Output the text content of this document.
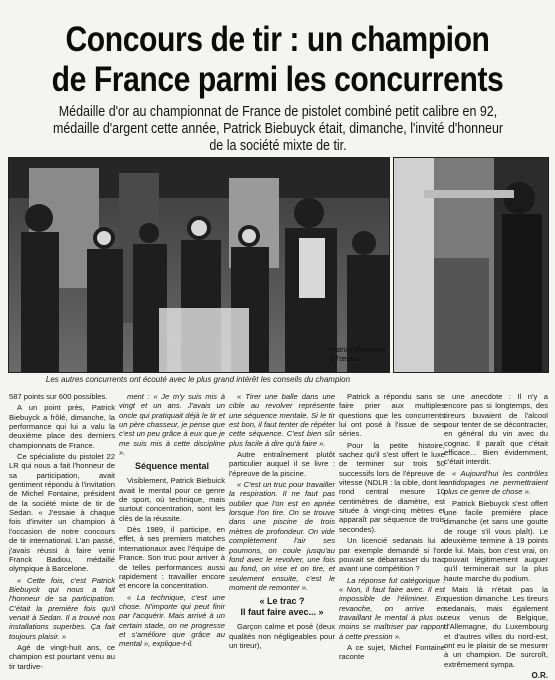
Concours de tir : un champion
de France parmi les concurrents
Médaille d'or au championnat de France de pistolet combiné petit calibre en 92, médaille d'argent cette année, Patrick Biebuyck était, dimanche, l'invité d'honneur de la société mixte de tir.
Patrick Biebuyck à l'œuvre.
Les autres concurrents ont écouté avec le plus grand intérêt les conseils du champion

587 points sur 600 possibles.

A un point près, Patrick Biebuyck a frôlé, dimanche, la performance qui lui a valu la deuxième place des derniers championnats de France.

Ce spécialiste du pistolet 22 LR qui nous a fait l'honneur de sa participation, avait gentiment répondu à l'invitation de Michel Fontaine, président de la société mixte de tir de Sedan. « J'essaie à chaque fois d'inviter un champion à l'occasion de notre concours de tir international. L'an passé, j'avais réussi à faire venir Franck Badiou, médaillé olympique à Barcelone.

« Cette fois, c'est Patrick Biebuyck qui nous a fait l'honneur de sa participation. C'était la première fois qu'il venait à Sedan. Il a trouvé nos installations superbes. Ça fait toujours plaisir. »

Agé de vingt-huit ans, ce champion est pourtant venu au tir tardive-

ment : « Je m'y suis mis à vingt et un ans. J'avais un oncle qui pratiquait déjà le tir et un père chasseur, je pense que c'est un peu grâce à eux que je me suis mis à cette discipline ».

Séquence mental

Visiblement, Patrick Biebuick avait le mental pour ce genre de sport, où technique, mais surtout concentration, sont les clés de la réussite.

Dès 1989, il participe, en effet, à ses premiers matches internationaux avec l'équipe de France. Son truc pour arriver à de telles performances aussi rapidement : travailler encore et encore la concentration.

« La technique, c'est une chose. N'importe qui peut finir par l'acquérir. Mais arrivé à un certain stade, on ne progresse et s'améliore que grâce au mental », explique-t-il.

« Tirer une balle dans une cible au revolver représente une séquence mentale. Si le tir est bon, il faut tenter de répéter cette séquence. C'est bien sûr plus facile à dire qu'à faire ».

Autre entraînement plutôt particulier auquel il se livre : l'épreuve de la piscine.

« C'est un truc pour travailler la respiration. Il ne faut pas oublier que l'on est en apnée lorsque l'on tire. On se trouve dans une piscine de trois mètres de profondeur. On vide complètement l'air ses poumons, on coule jusqu'au fond avec le revolver, une fois au fond, on vise et on tire, et seulement ensuite, c'est le moment de remonter ».

« Le trac ?
Il faut faire avec... »

Garçon calme et posé (deux qualités non négligeables pour un tireur),

Patrick a répondu sans se faire prier aux multiples questions que les concurrents lui ont posé à l'issue de ses séries.

Pour la petite histoire, sachez qu'il s'est offert le luxe de terminer sur trois 50 successifs lors de l'épreuve de vitesse (NDLR : la cible, dont le rond central mesure 10 centimètres de diamètre, est située à vingt-cinq mètres et apparaît par séquence de trois secondes).

Un licencié sedanais lui a par exemple demandé si l'on pouvait se débarrasser du trac avant une compétition ?

La réponse fut catégorique : « Non, il faut faire avec. Il est impossible de l'éliminer. En revanche, on arrive en travaillant le mental à plus ou moins se maîtriser par rapport à cette pression ».

A ce sujet, Michel Fontaine raconte

une anecdote : Il n'y a encore pas si longtemps, des tireurs buvaient de l'alcool pour tenter de se décontracter, en général du vin avec du cognac. Il paraît que c'était efficace... Bien évidemment, c'était interdit.

« Aujourd'hui les contrôles antidopages ne permettraient plus ce genre de chose ».

Patrick Biebuyck s'est offert une facile première place dimanche (et sans une goutte de rouge s'il vous plaît). Le deuxième termine à 19 points de lui. Mais, bon c'est vrai, on pouvait légitimement auguer qu'il terminerait sur la plus haute marche du podium.

Mais là n'était pas la question dimanche. Les tireurs sedanais, mais également ceux venus de Belgique, d'Allemagne, du Luxembourg et d'autres villes du nord-est, ont eu le plaisir de se mesurer à un champion. De surcroît, extrêmement sympa.

O.R.
